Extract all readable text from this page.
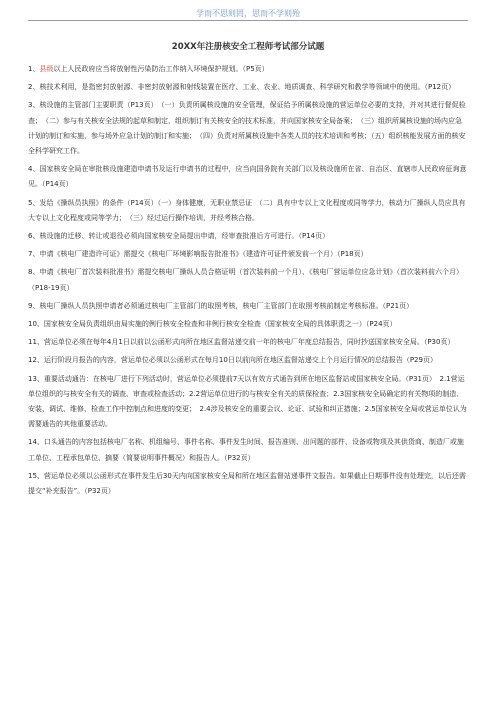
学而不思则罔，思而不学则殆
20XX年注册核安全工程师考试部分试题

1、县级以上人民政府应当将放射性污染防治工作纳入环境保护规划。（P5页）

2、核技术利用，是指密封放射源、非密封放射源和射线装置在医疗、工业、农业、地质调查、科学研究和教学等领域中的使用。（P12页）

3、核设施的主管部门主要职责（P13页）　（一）负责所属核设施的安全管理，保证给予所属核设施的营运单位必要的支持，并对其进行督促检查；　（二）参与有关核安全法规的起草和制定，组织制订有关核安全的技术标准，并向国家核安全局备案；　（三）组织所属核设施的场内应急计划的制订和实施，参与场外应急计划的制订和实施；　（四）负责对所属核设施中各类人员的技术培训和考核；（五）组织核能发展方面的核安全科学研究工作。

4、国家核安全局在审批核设施建造申请书及运行申请书的过程中，应当向国务院有关部门以及核设施所在省、自治区、直辖市人民政府征询意见。（P14页）

5、发给《操纵员执照》的条件（P14页）（一）身体健康，无职业禁忌证　（二）具有中专以上文化程度或同等学力，核动力厂操纵人员应具有大专以上文化程度或同等学力；　（三）经过运行操作培训，并经考核合格。

6、核设施的迁移、转让或退役必须向国家核安全局提出申请，经审查批准后方可进行。（P14页）

7、申请《核电厂建造许可证》需提交《核电厂环境影响报告批准书》（建造许可证件颁发前一个月）（P18页）

8、申请《核电厂首次装料批准书》需提交核电厂操纵人员合格证明（首次装料前一个月）、《核电厂营运单位应急计划》（首次装料前六个月）（P18-19页）

9、核电厂操纵人员执照申请者必须通过核电厂主管部门的取照考核，核电厂主管部门在取照考核前制定考核标准。（P21页）

10、国家核安全局负责组织由局实施的例行核安全检查和非例行核安全检查（国家核安全局的具体职责之一）（P24页）

11、营运单位必须在每年4月1日以前以公函形式向所在地区监督站递交前一年的核电厂年度总结报告，同时抄送国家核安全局。（P30页）

12、运行阶段月报告的内容，营运单位必须以公函形式在每月10日以前向所在地区监督站递交上个月运行情况的总结报告（P29页）

13、重要活动通告：在核电厂进行下列活动时，营运单位必须提前7天以有效方式通告到所在地区监督站或国家核安全局。（P31页）　2.1营运单位组织的与核安全有关的调查、审查或检查活动；2.2营运单位进行的与核安全有关的质保检查；2.3国家核安全局确定的有关物项的制造、安装、调试、维修、检查工作中控制点和进度的变更；　2.4涉及核安全的重要会议、论证、试验和纠正措施；2.5国家核安全局或营运单位认为需要通告的其他重要活动。

14、口头通告的内容包括核电厂名称、机组编号、事件名称、事件发生时间、报告准则、出问题的部件、设备或物项及其供货商、制造厂或施工单位、工程承包单位、摘要（简要说明事件概况）和报告人。（P32页）

15、营运单位必须以公函形式在事件发生后30天内向国家核安全局和所在地区监督站递事件文报告。如果截止日期事件没有处理完，以后还需提交“补充报告”。（P32页）
